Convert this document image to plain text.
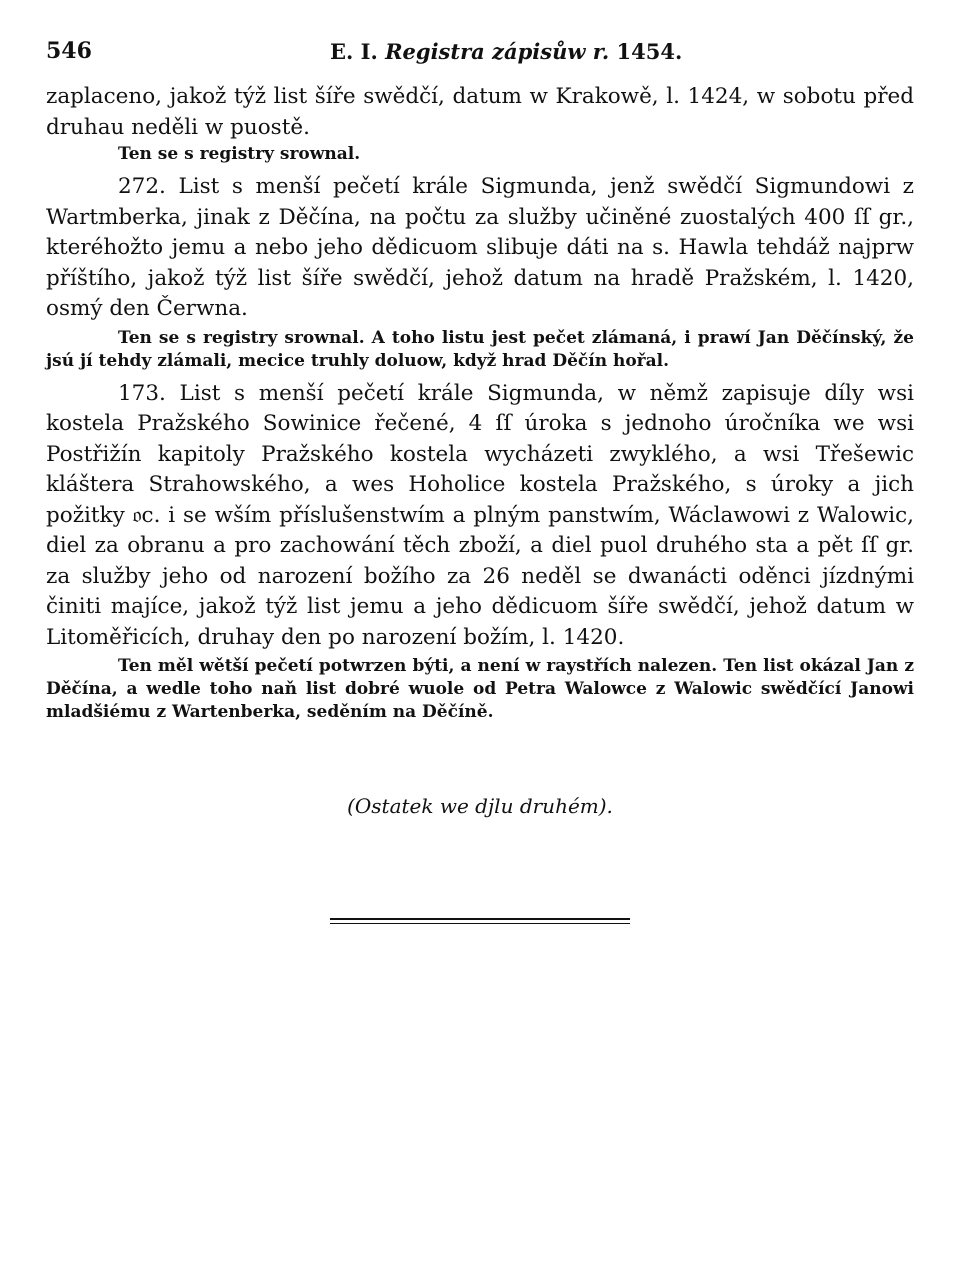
546	E. I. Registra zápisůw r. 1454.

zaplaceno, jakož týž list šíře swědčí, datum w Krakowě, l. 1424, w sobotu před druhau neděli w puostě.

Ten se s registry srownal.

272. List s menší pečetí krále Sigmunda, jenž swědčí Sigmundowi z Wartmberka, jinak z Děčína, na počtu za služby učiněné zuostalých 400 ſſ gr., kteréhožto jemu a nebo jeho dědicuom slibuje dáti na s. Hawla tehdáž najprw příštího, jakož týž list šíře swědčí, jehož datum na hradě Pražském, l. 1420, osmý den Čerwna.

Ten se s registry srownal. A toho listu jest pečet zlámaná, i prawí Jan Děčínský, že jsú jí tehdy zlámali, mecice truhly doluow, když hrad Děčín hořal.

173. List s menší pečetí krále Sigmunda, w němž zapisuje díly wsi kostela Pražského Sowinice řečené, 4 ſſ úroka s jednoho úročníka we wsi Postřižín kapitoly Pražského kostela wycházeti zwyklého, a wsi Třešewic kláštera Strahowského, a wes Hoholice kostela Pražského, s úroky a jich požitky 𝔬c. i se wším příslušenstwím a plným panstwím, Wáclawowi z Walowic, diel za obranu a pro zachowání těch zboží, a diel puol druhého sta a pět ſſ gr. za služby jeho od narození božího za 26 neděl se dwanácti oděnci jízdnými činiti majíce, jakož týž list jemu a jeho dědicuom šíře swědčí, jehož datum w Litoměřicích, druhay den po narození božím, l. 1420.

Ten měl wětší pečetí potwrzen býti, a není w raystřích nalezen. Ten list okázal Jan z Děčína, a wedle toho naň list dobré wuole od Petra Walowce z Walowic swědčící Janowi mladšiému z Wartenberka, seděním na Děčíně.

(Ostatek we djlu druhém).
